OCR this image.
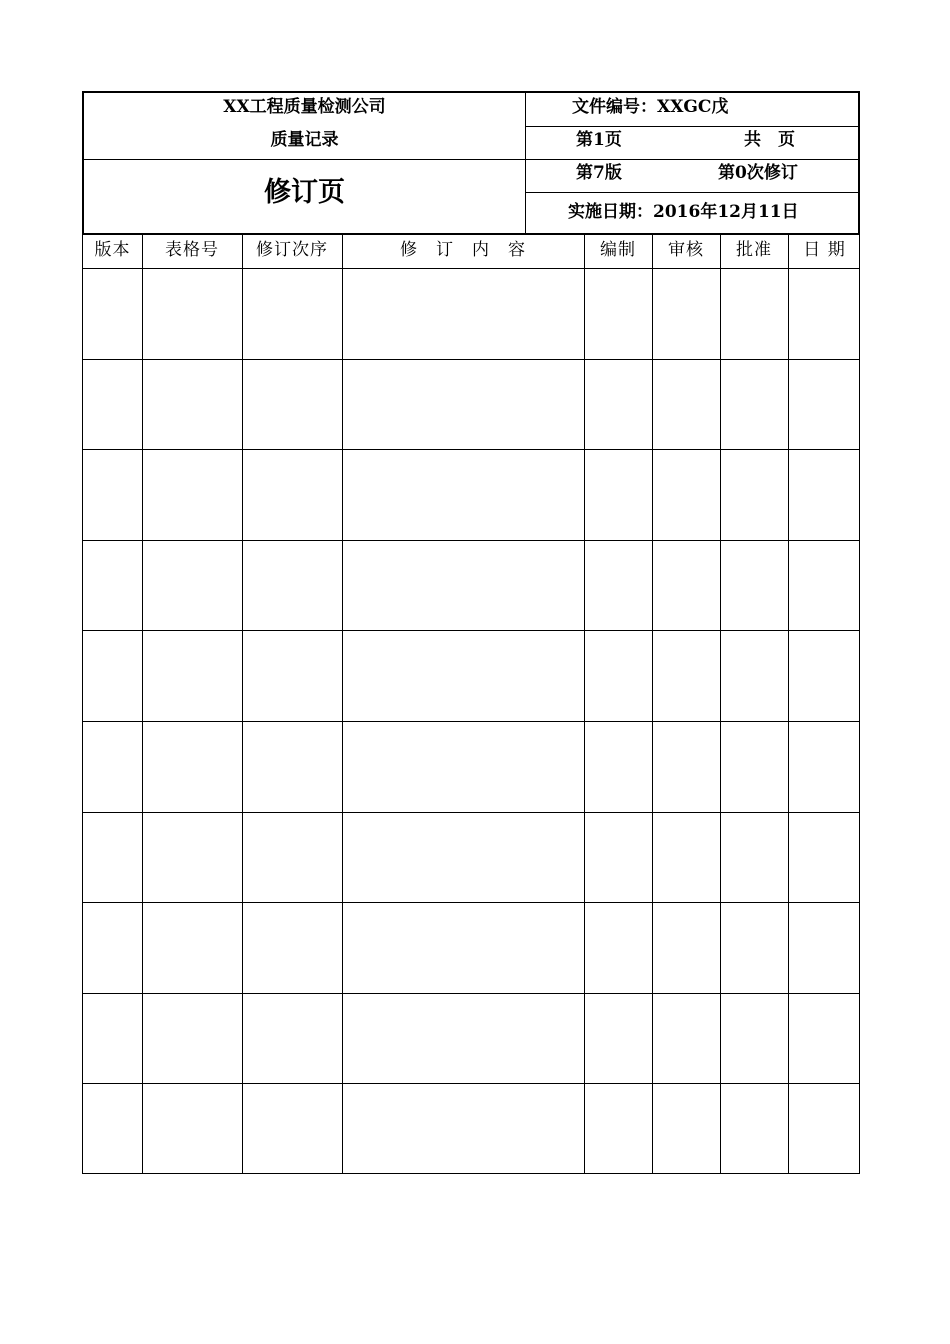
XX工程质量检测公司
质量记录
修订页
文件编号：XXGC戊
第1页	共　页
第7版	第0次修订
实施日期：2016年12月11日
版本	表格号	修订次序	修　订　内　容	编制	审核	批准	日 期
